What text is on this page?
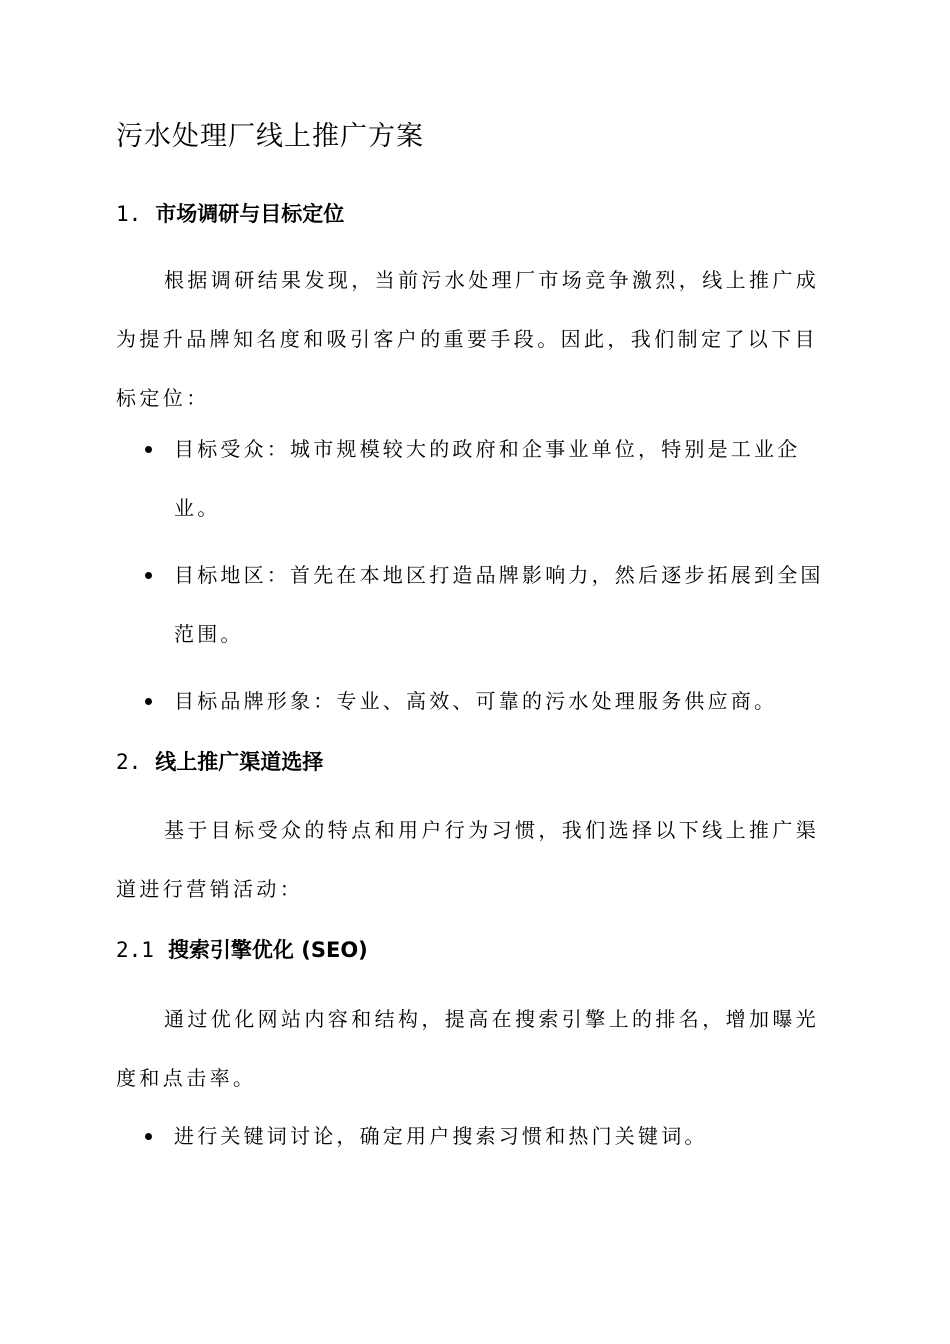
污水处理厂线上推广方案
1. 市场调研与目标定位

根据调研结果发现，当前污水处理厂市场竞争激烈，线上推广成为提升品牌知名度和吸引客户的重要手段。因此，我们制定了以下目标定位：

目标受众：城市规模较大的政府和企事业单位，特别是工业企业。
目标地区：首先在本地区打造品牌影响力，然后逐步拓展到全国范围。
目标品牌形象：专业、高效、可靠的污水处理服务供应商。
2. 线上推广渠道选择

基于目标受众的特点和用户行为习惯，我们选择以下线上推广渠道进行营销活动：

2.1 搜索引擎优化 (SEO)

通过优化网站内容和结构，提高在搜索引擎上的排名，增加曝光度和点击率。

进行关键词讨论，确定用户搜索习惯和热门关键词。
